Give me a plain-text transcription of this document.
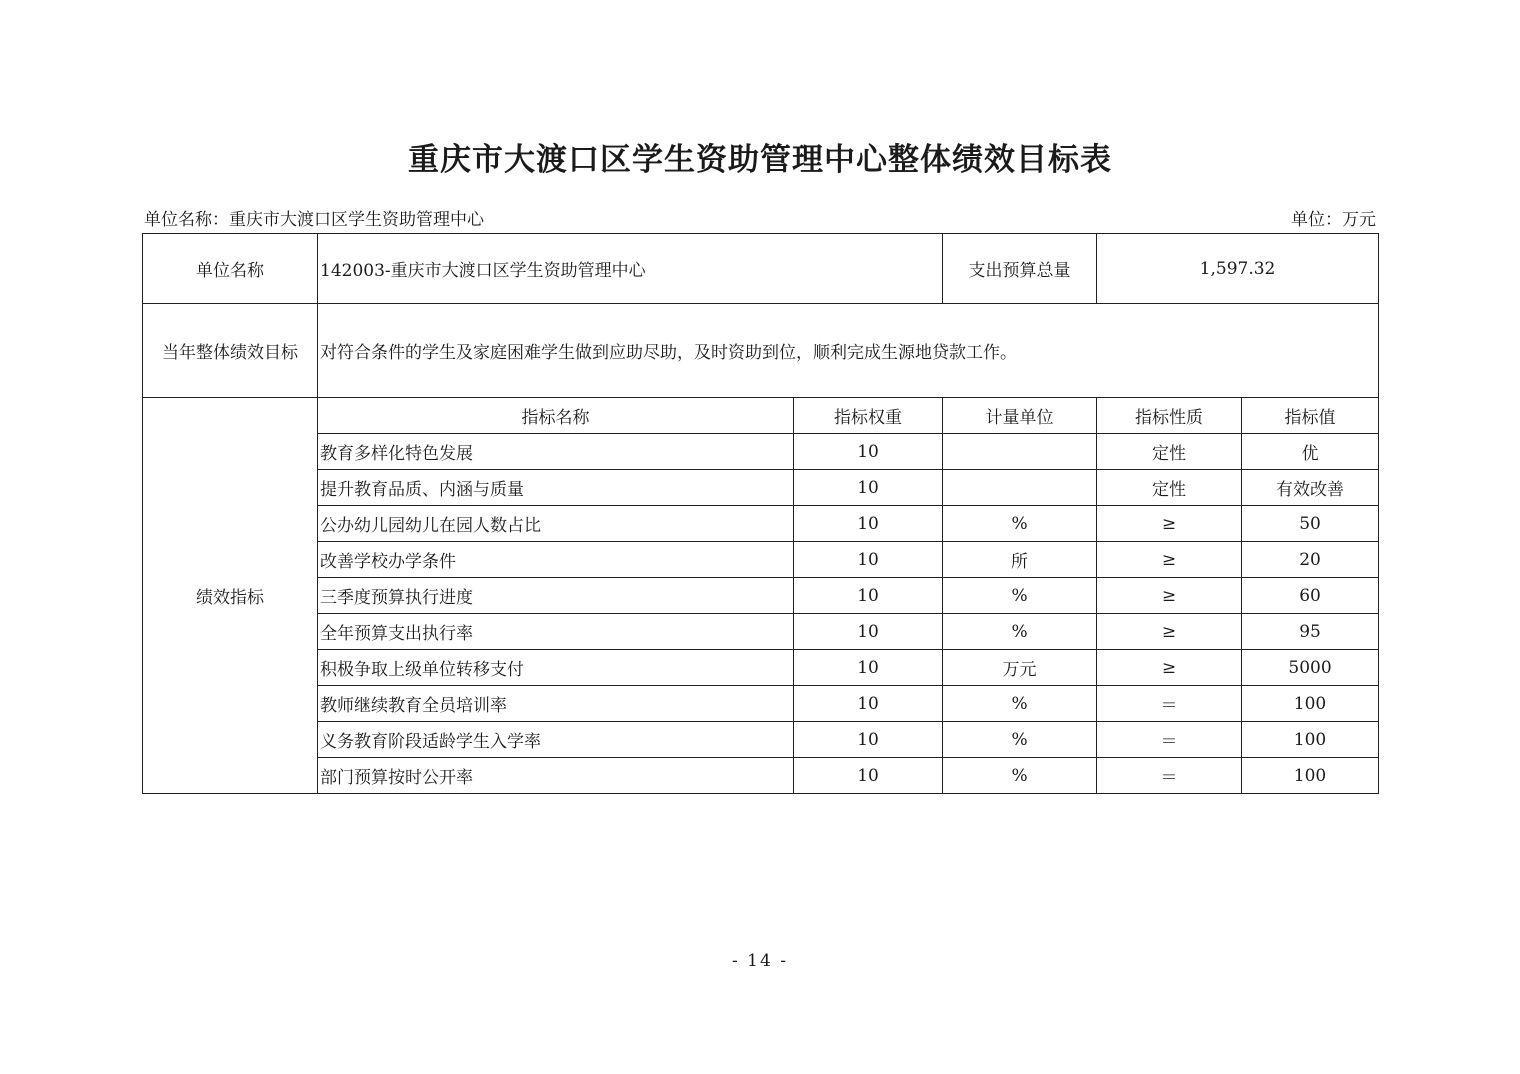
重庆市大渡口区学生资助管理中心整体绩效目标表
单位名称：重庆市大渡口区学生资助管理中心	单位：万元
单位名称	142003-重庆市大渡口区学生资助管理中心		支出预算总量	1,597.32	
当年整体绩效目标	对符合条件的学生及家庭困难学生做到应助尽助，及时资助到位，顺利完成生源地贷款工作。				
绩效指标	指标名称	指标权重	计量单位	指标性质	指标值
	教育多样化特色发展	10		定性	优
	提升教育品质、内涵与质量	10		定性	有效改善
	公办幼儿园幼儿在园人数占比	10	%	≥	50
	改善学校办学条件	10	所	≥	20
	三季度预算执行进度	10	%	≥	60
	全年预算支出执行率	10	%	≥	95
	积极争取上级单位转移支付	10	万元	≥	5000
	教师继续教育全员培训率	10	%	＝	100
	义务教育阶段适龄学生入学率	10	%	＝	100
	部门预算按时公开率	10	%	＝	100
- 14 -
